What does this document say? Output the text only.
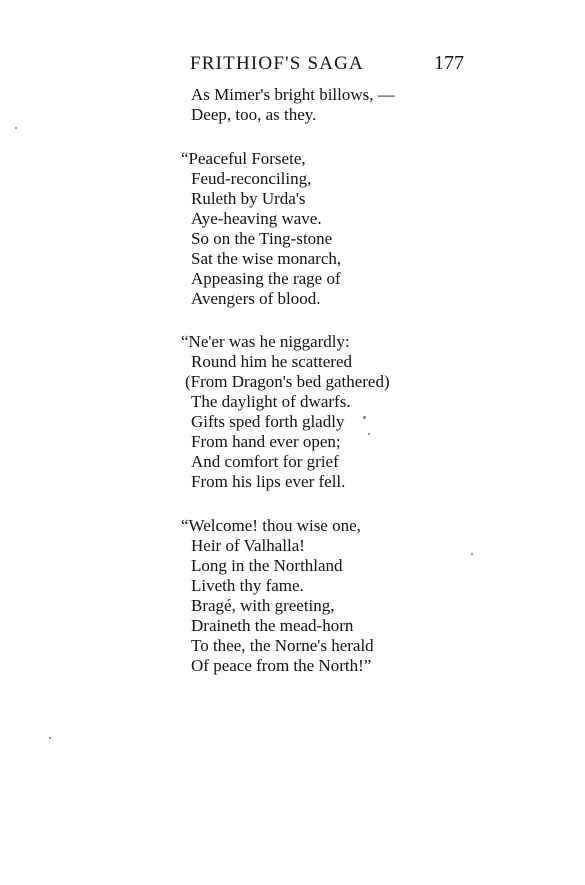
FRITHIOF'S SAGA	177
As Mimer's bright billows, —
Deep, too, as they.
“Peaceful Forsete,
Feud-reconciling,
Ruleth by Urda's
Aye-heaving wave.
So on the Ting-stone
Sat the wise monarch,
Appeasing the rage of
Avengers of blood.
“Ne'er was he niggardly:
Round him he scattered
(From Dragon's bed gathered)
The daylight of dwarfs.
Gifts sped forth gladly
From hand ever open;
And comfort for grief
From his lips ever fell.
“Welcome! thou wise one,
Heir of Valhalla!
Long in the Northland
Liveth thy fame.
Bragé, with greeting,
Draineth the mead-horn
To thee, the Norne's herald
Of peace from the North!”
